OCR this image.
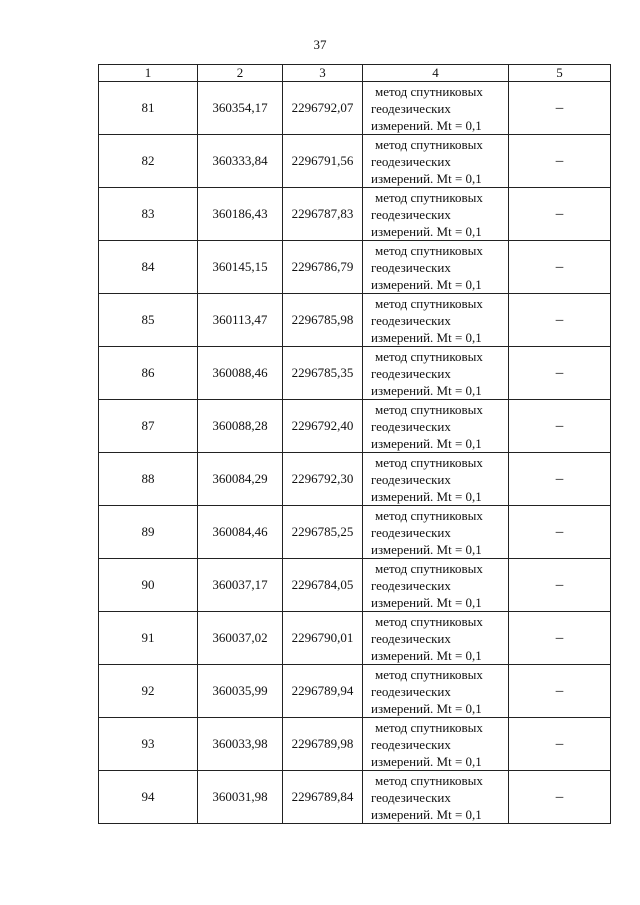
37
1	2	3	4	5
81	360354,17	2296792,07	метод спутниковых
геодезических
измерений. Mt = 0,1	–
82	360333,84	2296791,56	метод спутниковых
геодезических
измерений. Mt = 0,1	–
83	360186,43	2296787,83	метод спутниковых
геодезических
измерений. Mt = 0,1	–
84	360145,15	2296786,79	метод спутниковых
геодезических
измерений. Mt = 0,1	–
85	360113,47	2296785,98	метод спутниковых
геодезических
измерений. Mt = 0,1	–
86	360088,46	2296785,35	метод спутниковых
геодезических
измерений. Mt = 0,1	–
87	360088,28	2296792,40	метод спутниковых
геодезических
измерений. Mt = 0,1	–
88	360084,29	2296792,30	метод спутниковых
геодезических
измерений. Mt = 0,1	–
89	360084,46	2296785,25	метод спутниковых
геодезических
измерений. Mt = 0,1	–
90	360037,17	2296784,05	метод спутниковых
геодезических
измерений. Mt = 0,1	–
91	360037,02	2296790,01	метод спутниковых
геодезических
измерений. Mt = 0,1	–
92	360035,99	2296789,94	метод спутниковых
геодезических
измерений. Mt = 0,1	–
93	360033,98	2296789,98	метод спутниковых
геодезических
измерений. Mt = 0,1	–
94	360031,98	2296789,84	метод спутниковых
геодезических
измерений. Mt = 0,1	–
